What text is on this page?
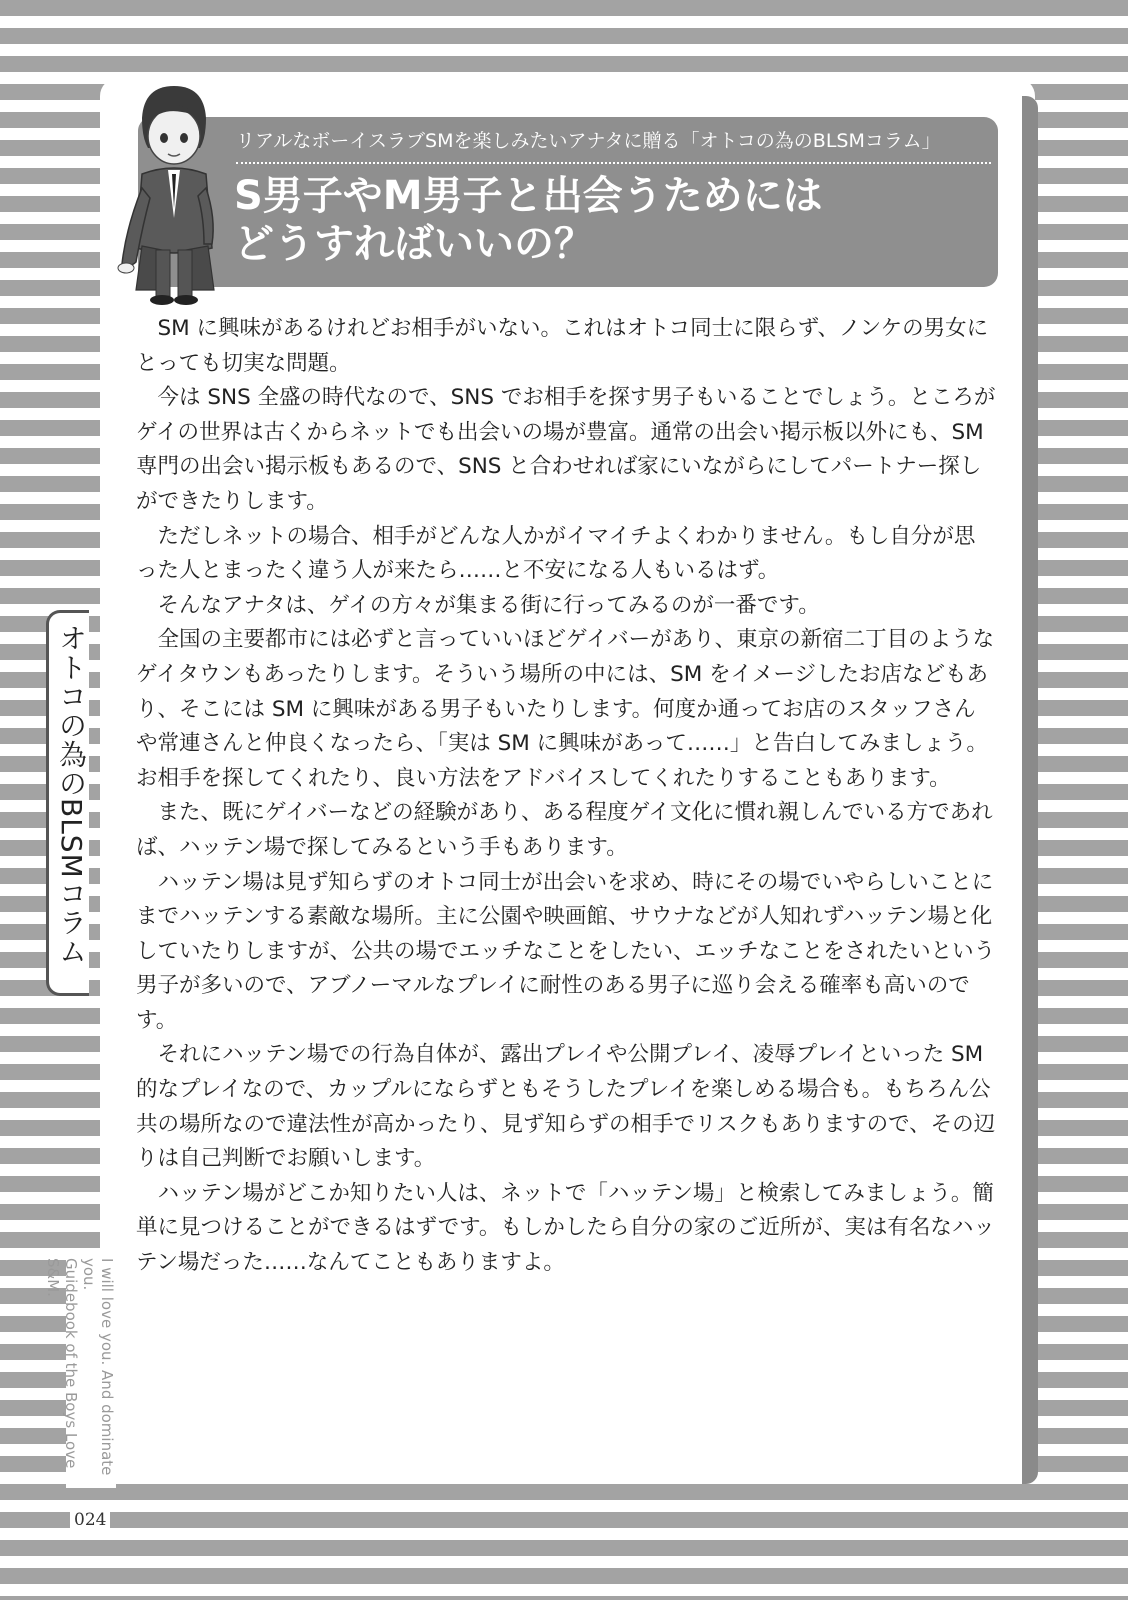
リアルなボーイスラブSMを楽しみたいアナタに贈る「オトコの為のBLSMコラム」
S男子やM男子と出会うためには
どうすればいいの？
オトコの為のBLSMコラム
I will love you. And dominate you.
Guidebook of the Boys Love S&M.

SM に興味があるけれどお相手がいない。これはオトコ同士に限らず、ノンケの男女にとっても切実な問題。

今は SNS 全盛の時代なので、SNS でお相手を探す男子もいることでしょう。ところがゲイの世界は古くからネットでも出会いの場が豊富。通常の出会い掲示板以外にも、SM 専門の出会い掲示板もあるので、SNS と合わせれば家にいながらにしてパートナー探しができたりします。

ただしネットの場合、相手がどんな人かがイマイチよくわかりません。もし自分が思った人とまったく違う人が来たら……と不安になる人もいるはず。

そんなアナタは、ゲイの方々が集まる街に行ってみるのが一番です。

全国の主要都市には必ずと言っていいほどゲイバーがあり、東京の新宿二丁目のようなゲイタウンもあったりします。そういう場所の中には、SM をイメージしたお店などもあり、そこには SM に興味がある男子もいたりします。何度か通ってお店のスタッフさんや常連さんと仲良くなったら、「実は SM に興味があって……」と告白してみましょう。お相手を探してくれたり、良い方法をアドバイスしてくれたりすることもあります。

また、既にゲイバーなどの経験があり、ある程度ゲイ文化に慣れ親しんでいる方であれば、ハッテン場で探してみるという手もあります。

ハッテン場は見ず知らずのオトコ同士が出会いを求め、時にその場でいやらしいことにまでハッテンする素敵な場所。主に公園や映画館、サウナなどが人知れずハッテン場と化していたりしますが、公共の場でエッチなことをしたい、エッチなことをされたいという男子が多いので、アブノーマルなプレイに耐性のある男子に巡り会える確率も高いのです。

それにハッテン場での行為自体が、露出プレイや公開プレイ、凌辱プレイといった SM 的なプレイなので、カップルにならずともそうしたプレイを楽しめる場合も。もちろん公共の場所なので違法性が高かったり、見ず知らずの相手でリスクもありますので、その辺りは自己判断でお願いします。

ハッテン場がどこか知りたい人は、ネットで「ハッテン場」と検索してみましょう。簡単に見つけることができるはずです。もしかしたら自分の家のご近所が、実は有名なハッテン場だった……なんてこともありますよ。

024
